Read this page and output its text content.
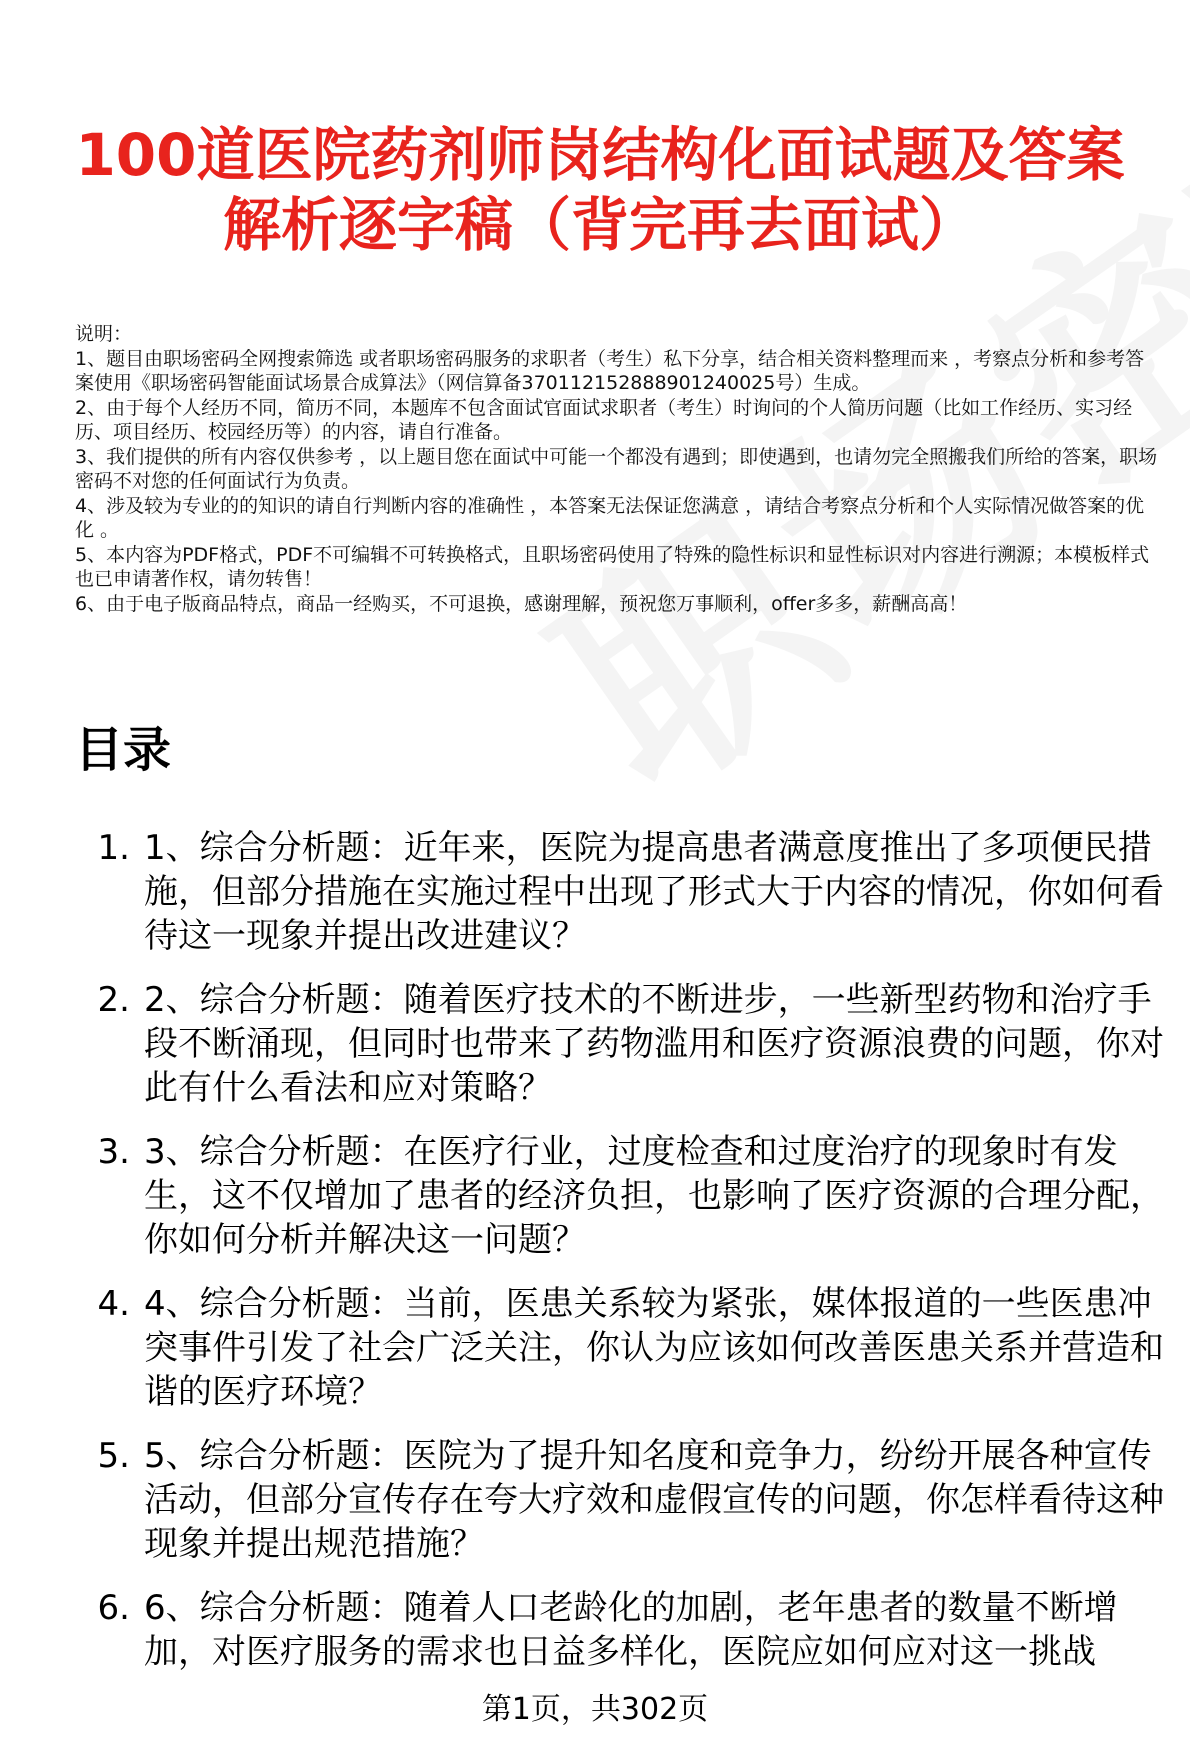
100道医院药剂师岗结构化面试题及答案解析逐字稿（背完再去面试）

说明：

1、题目由职场密码全网搜索筛选 或者职场密码服务的求职者（考生）私下分享，结合相关资料整理而来 ，考察点分析和参考答案使用《职场密码智能面试场景合成算法》（网信算备370112152888901240025号）生成。

2、由于每个人经历不同，简历不同，本题库不包含面试官面试求职者（考生）时询问的个人简历问题（比如工作经历、实习经历、项目经历、校园经历等）的内容，请自行准备。

3、我们提供的所有内容仅供参考 ，以上题目您在面试中可能一个都没有遇到；即使遇到，也请勿完全照搬我们所给的答案，职场密码不对您的任何面试行为负责。

4、涉及较为专业的的知识的请自行判断内容的准确性 ，本答案无法保证您满意 ，请结合考察点分析和个人实际情况做答案的优化 。

5、本内容为PDF格式，PDF不可编辑不可转换格式，且职场密码使用了特殊的隐性标识和显性标识对内容进行溯源；本模板样式也已申请著作权，请勿转售！

6、由于电子版商品特点，商品一经购买，不可退换，感谢理解，预祝您万事顺利，offer多多，薪酬高高！

目录
1. 1、综合分析题：近年来，医院为提高患者满意度推出了多项便民措施，但部分措施在实施过程中出现了形式大于内容的情况，你如何看待这一现象并提出改进建议？
2. 2、综合分析题：随着医疗技术的不断进步，一些新型药物和治疗手段不断涌现，但同时也带来了药物滥用和医疗资源浪费的问题，你对此有什么看法和应对策略？
3. 3、综合分析题：在医疗行业，过度检查和过度治疗的现象时有发生，这不仅增加了患者的经济负担，也影响了医疗资源的合理分配，你如何分析并解决这一问题？
4. 4、综合分析题：当前，医患关系较为紧张，媒体报道的一些医患冲突事件引发了社会广泛关注，你认为应该如何改善医患关系并营造和谐的医疗环境？
5. 5、综合分析题：医院为了提升知名度和竞争力，纷纷开展各种宣传活动，但部分宣传存在夸大疗效和虚假宣传的问题，你怎样看待这种现象并提出规范措施？
6. 6、综合分析题：随着人口老龄化的加剧，老年患者的数量不断增加，对医疗服务的需求也日益多样化，医院应如何应对这一挑战
第1页，共302页
